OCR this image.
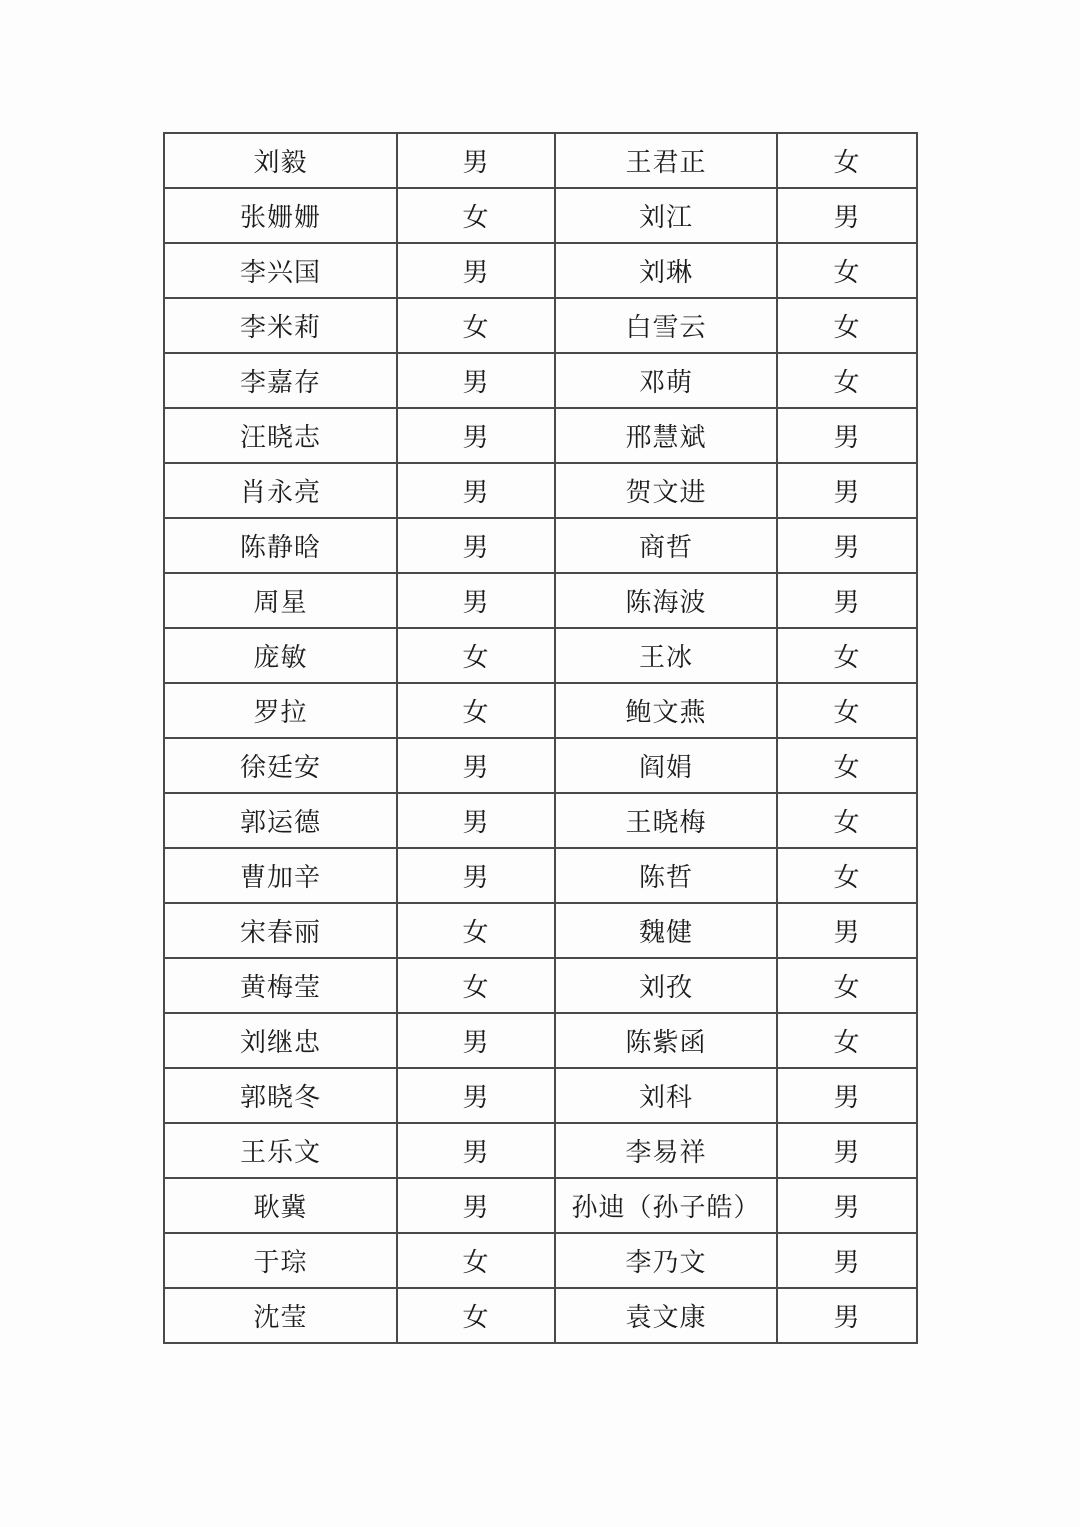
刘毅	男	王君正	女
张姗姗	女	刘江	男
李兴国	男	刘琳	女
李米莉	女	白雪云	女
李嘉存	男	邓萌	女
汪晓志	男	邢慧斌	男
肖永亮	男	贺文进	男
陈静晗	男	商哲	男
周星	男	陈海波	男
庞敏	女	王冰	女
罗拉	女	鲍文燕	女
徐廷安	男	阎娟	女
郭运德	男	王晓梅	女
曹加辛	男	陈哲	女
宋春丽	女	魏健	男
黄梅莹	女	刘孜	女
刘继忠	男	陈紫函	女
郭晓冬	男	刘科	男
王乐文	男	李易祥	男
耿冀	男	孙迪（孙子皓）	男
于琮	女	李乃文	男
沈莹	女	袁文康	男
